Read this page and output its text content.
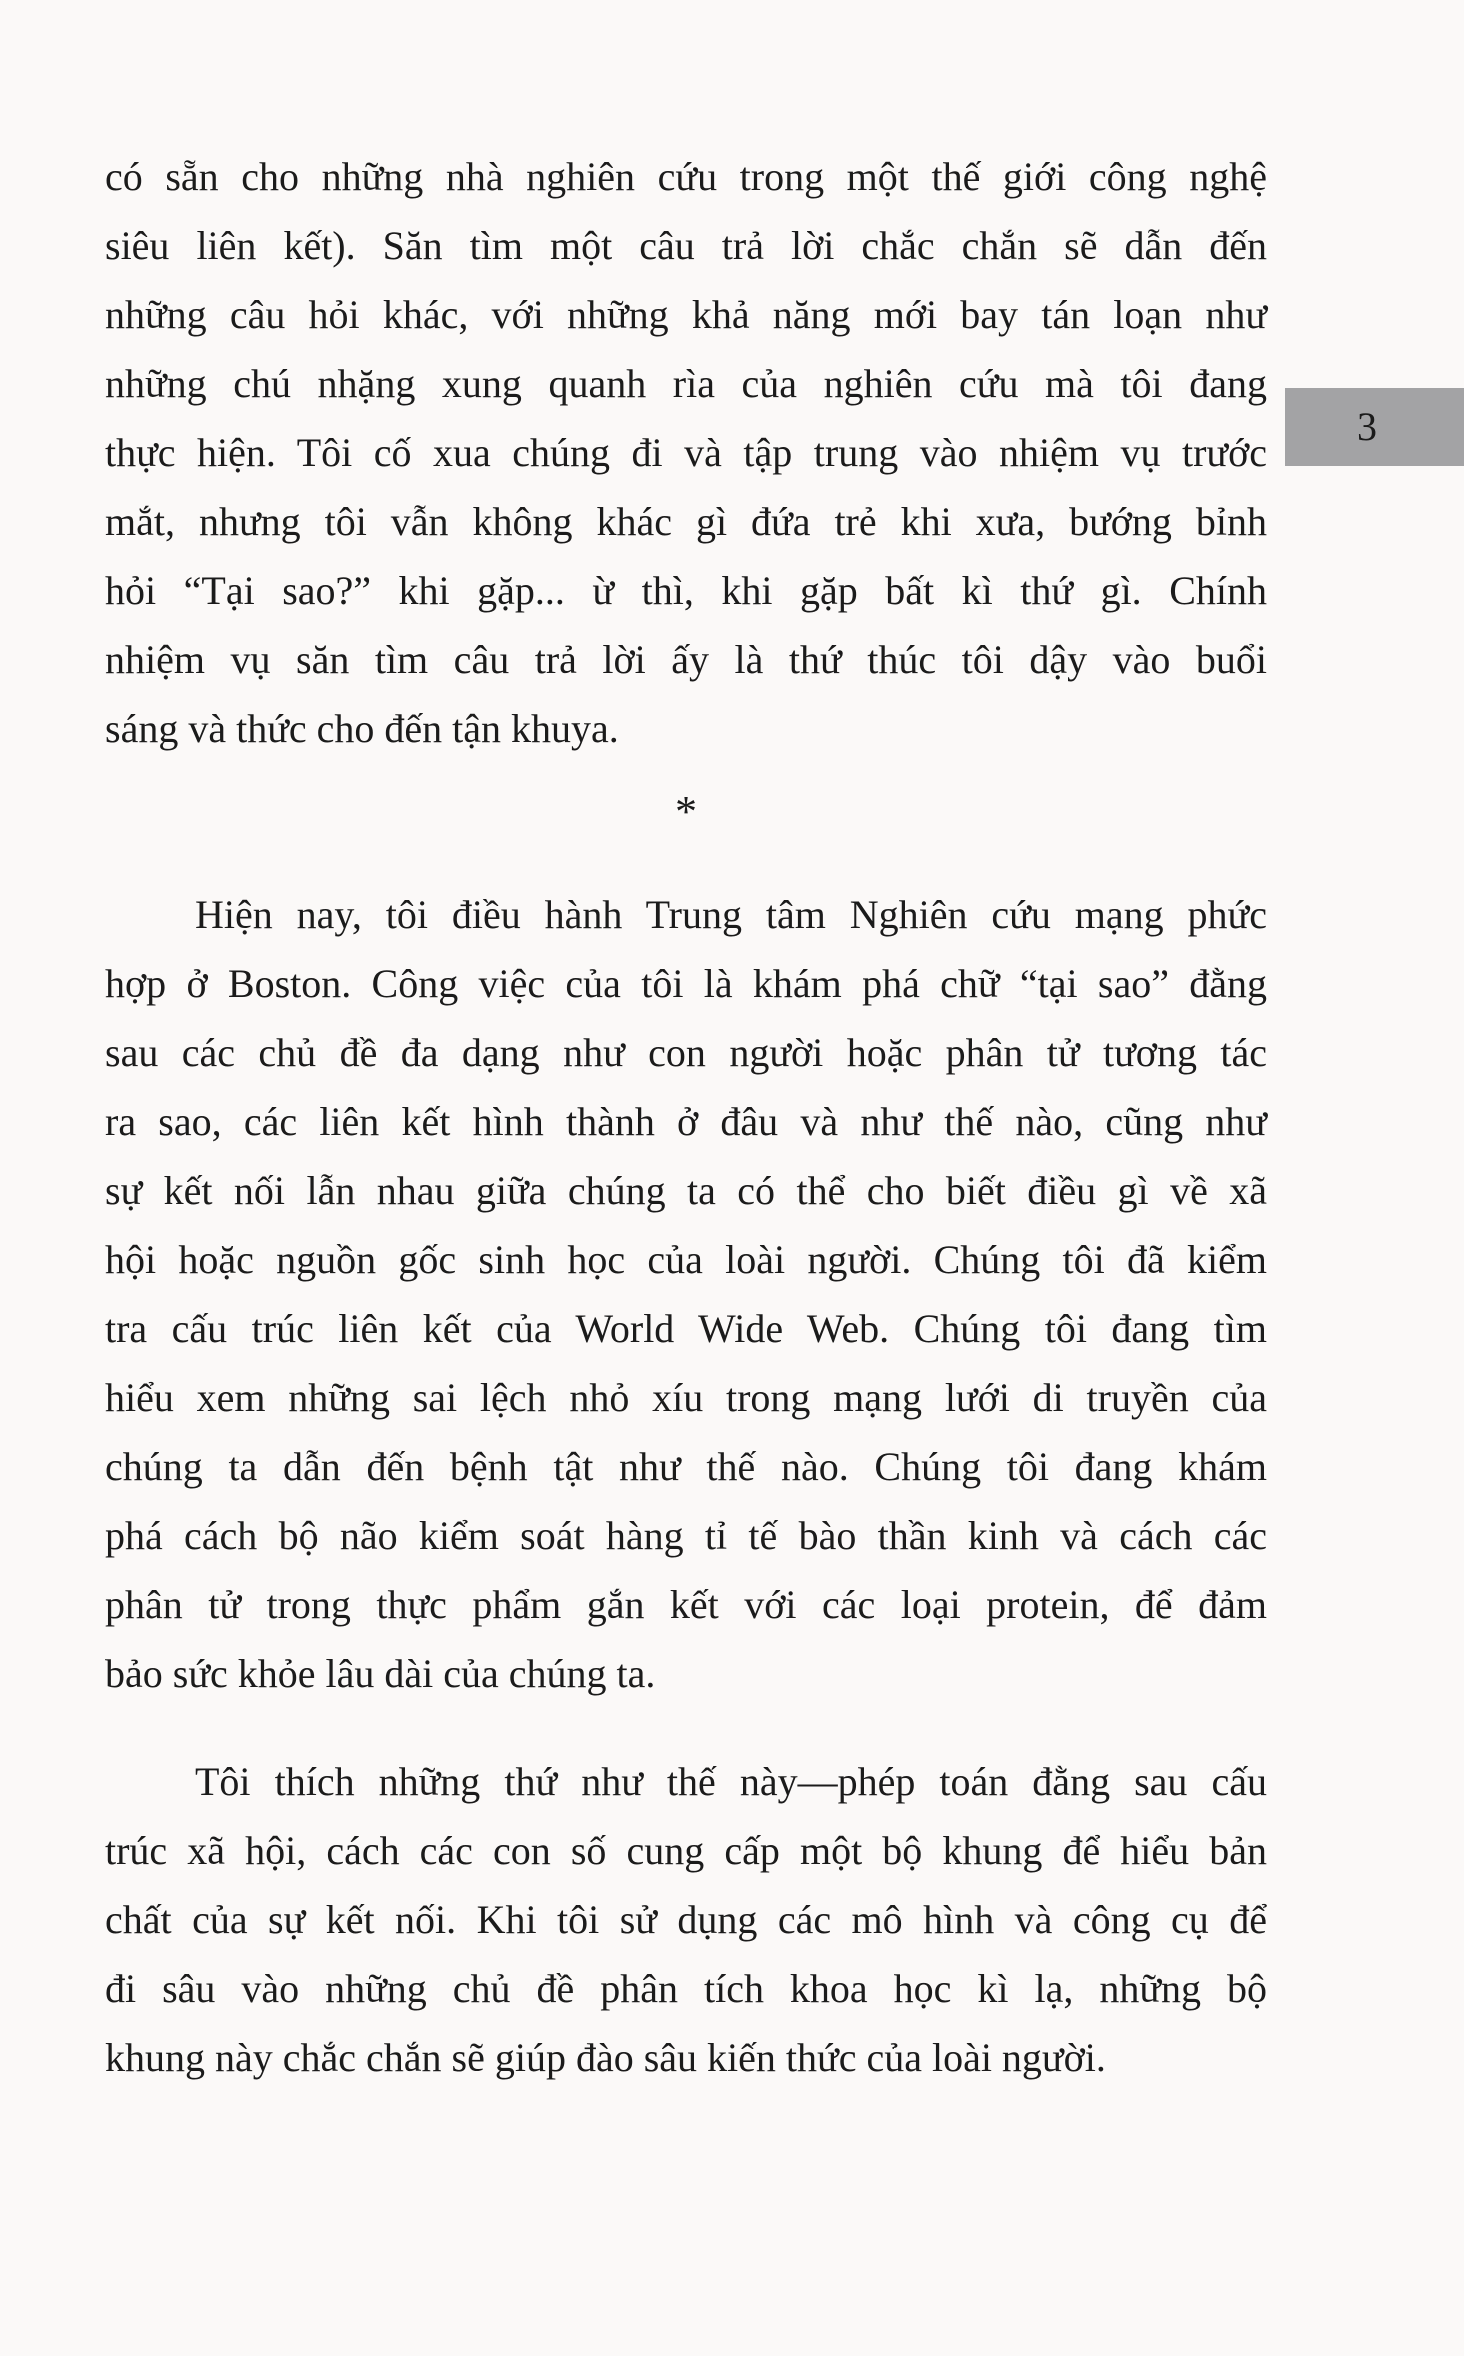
có sẵn cho những nhà nghiên cứu trong một thế giới công nghệ
siêu liên kết). Săn tìm một câu trả lời chắc chắn sẽ dẫn đến
những câu hỏi khác, với những khả năng mới bay tán loạn như
những chú nhặng xung quanh rìa của nghiên cứu mà tôi đang
thực hiện. Tôi cố xua chúng đi và tập trung vào nhiệm vụ trước
mắt, nhưng tôi vẫn không khác gì đứa trẻ khi xưa, bướng bỉnh
hỏi “Tại sao?” khi gặp... ừ thì, khi gặp bất kì thứ gì. Chính
nhiệm vụ săn tìm câu trả lời ấy là thứ thúc tôi dậy vào buổi
sáng và thức cho đến tận khuya.
*
Hiện nay, tôi điều hành Trung tâm Nghiên cứu mạng phức
hợp ở Boston. Công việc của tôi là khám phá chữ “tại sao” đằng
sau các chủ đề đa dạng như con người hoặc phân tử tương tác
ra sao, các liên kết hình thành ở đâu và như thế nào, cũng như
sự kết nối lẫn nhau giữa chúng ta có thể cho biết điều gì về xã
hội hoặc nguồn gốc sinh học của loài người. Chúng tôi đã kiểm
tra cấu trúc liên kết của World Wide Web. Chúng tôi đang tìm
hiểu xem những sai lệch nhỏ xíu trong mạng lưới di truyền của
chúng ta dẫn đến bệnh tật như thế nào. Chúng tôi đang khám
phá cách bộ não kiểm soát hàng tỉ tế bào thần kinh và cách các
phân tử trong thực phẩm gắn kết với các loại protein, để đảm
bảo sức khỏe lâu dài của chúng ta.
Tôi thích những thứ như thế này—phép toán đằng sau cấu
trúc xã hội, cách các con số cung cấp một bộ khung để hiểu bản
chất của sự kết nối. Khi tôi sử dụng các mô hình và công cụ để
đi sâu vào những chủ đề phân tích khoa học kì lạ, những bộ
khung này chắc chắn sẽ giúp đào sâu kiến thức của loài người.
3
